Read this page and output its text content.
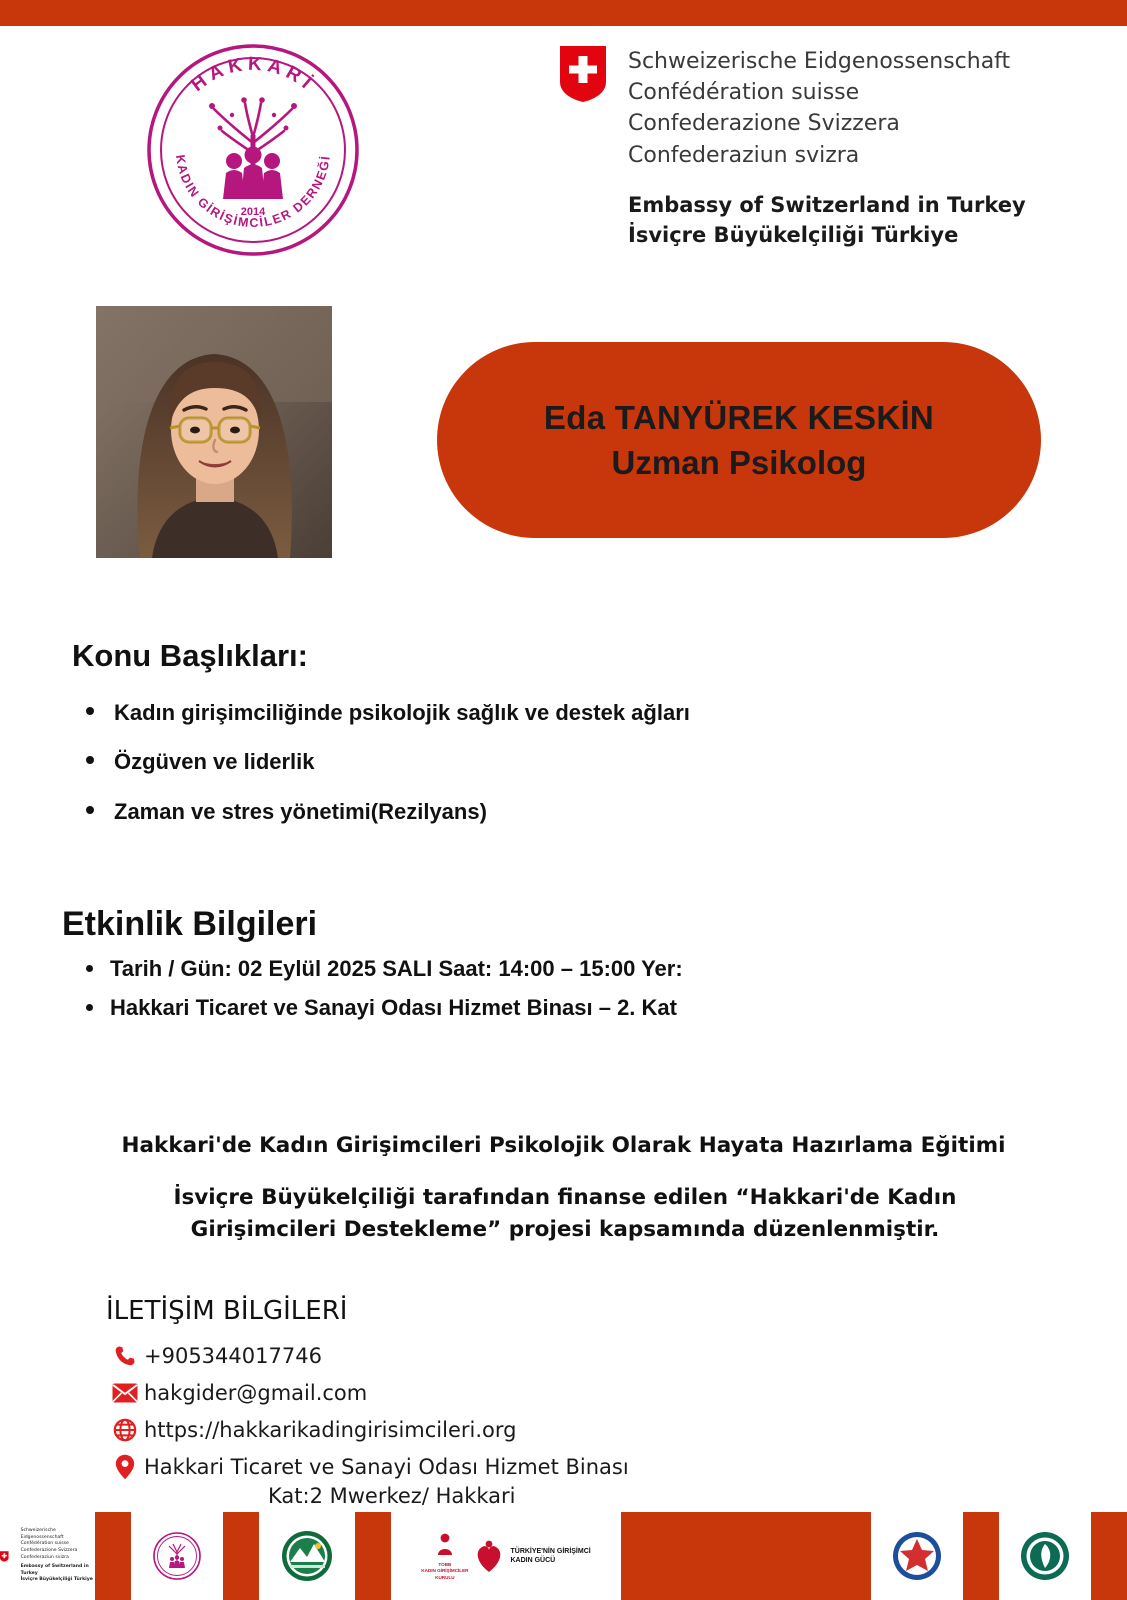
HAKKARİ
KADIN GİRİŞİMCİLER DERNEĞİ
2014
Schweizerische Eidgenossenschaft
Confédération suisse
Confederazione Svizzera
Confederaziun svizra
Embassy of Switzerland in Turkey
İsviçre Büyükelçiliği Türkiye
Eda TANYÜREK KESKİN
Uzman Psikolog
Konu Başlıkları:
Kadın girişimciliğinde psikolojik sağlık ve destek ağları
Özgüven ve liderlik
Zaman ve stres yönetimi(Rezilyans)
Etkinlik Bilgileri
Tarih / Gün: 02 Eylül 2025 SALI Saat: 14:00 – 15:00 Yer:
Hakkari Ticaret ve Sanayi Odası Hizmet Binası – 2. Kat
Hakkari'de Kadın Girişimcileri Psikolojik Olarak Hayata Hazırlama Eğitimi
İsviçre Büyükelçiliği tarafından finanse edilen “Hakkari'de Kadın Girişimcileri Destekleme” projesi kapsamında düzenlenmiştir.
İLETİŞİM BİLGİLERİ
+905344017746
hakgider@gmail.com
https://hakkarikadingirisimcileri.org
Hakkari Ticaret ve Sanayi Odası Hizmet Binası
Kat:2 Mwerkez/ Hakkari
Schweizerische Eidgenossenschaft
Confédération suisse
Confederazione Svizzera
Confederaziun svizra
Embassy of Switzerland in Turkey
İsviçre Büyükelçiliği Türkiye
TOBB
KADIN GİRİŞİMCİLER
KURULU
TÜRKİYE'NİN GİRİŞİMCİ
KADIN GÜCÜ
